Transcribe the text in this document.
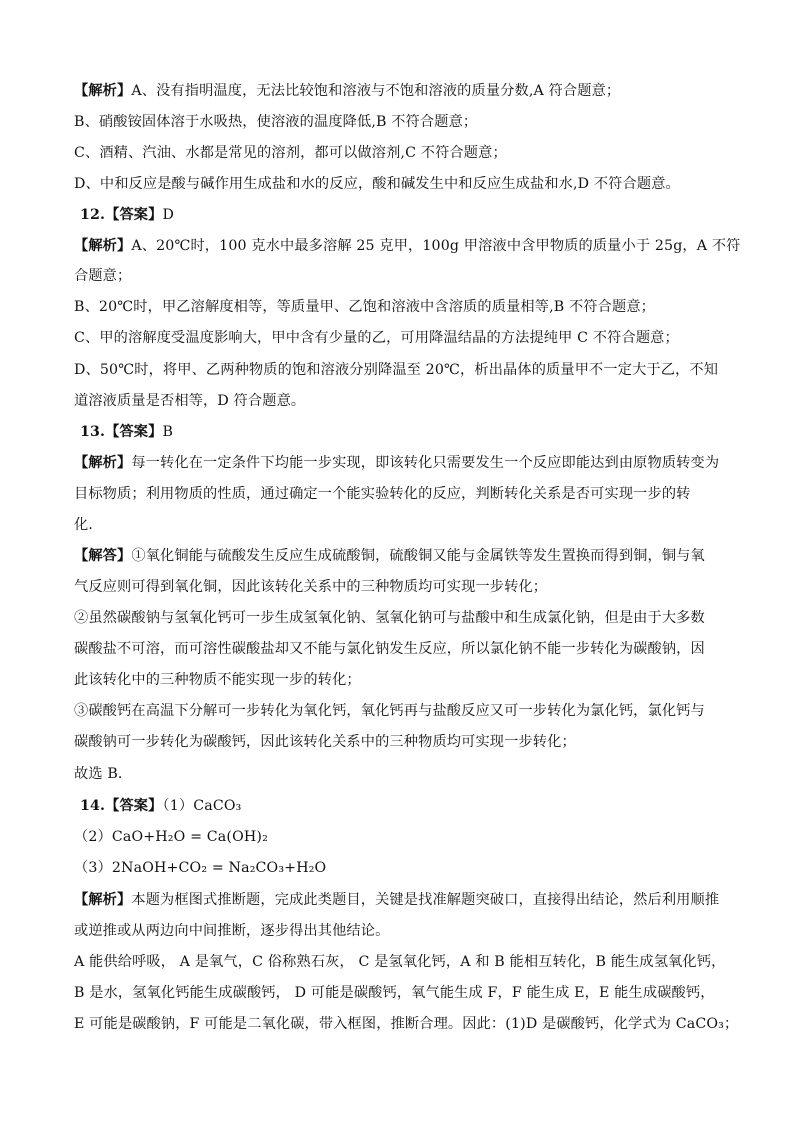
【解析】A、没有指明温度，无法比较饱和溶液与不饱和溶液的质量分数,A 符合题意；
B、硝酸铵固体溶于水吸热，使溶液的温度降低,B 不符合题意；
C、酒精、汽油、水都是常见的溶剂，都可以做溶剂,C 不符合题意；
D、中和反应是酸与碱作用生成盐和水的反应，酸和碱发生中和反应生成盐和水,D 不符合题意。
12.【答案】D
【解析】A、20℃时，100 克水中最多溶解 25 克甲，100g 甲溶液中含甲物质的质量小于 25g，A 不符
合题意；
B、20℃时，甲乙溶解度相等，等质量甲、乙饱和溶液中含溶质的质量相等,B 不符合题意；
C、甲的溶解度受温度影响大，甲中含有少量的乙，可用降温结晶的方法提纯甲 C 不符合题意；
D、50℃时，将甲、乙两种物质的饱和溶液分别降温至 20℃，析出晶体的质量甲不一定大于乙，不知
道溶液质量是否相等，D 符合题意。
13.【答案】B
【解析】每一转化在一定条件下均能一步实现，即该转化只需要发生一个反应即能达到由原物质转变为
目标物质；利用物质的性质，通过确定一个能实验转化的反应，判断转化关系是否可实现一步的转
化．
【解答】①氧化铜能与硫酸发生反应生成硫酸铜，硫酸铜又能与金属铁等发生置换而得到铜，铜与氧
气反应则可得到氧化铜，因此该转化关系中的三种物质均可实现一步转化；
②虽然碳酸钠与氢氧化钙可一步生成氢氧化钠、氢氧化钠可与盐酸中和生成氯化钠，但是由于大多数
碳酸盐不可溶，而可溶性碳酸盐却又不能与氯化钠发生反应，所以氯化钠不能一步转化为碳酸钠，因
此该转化中的三种物质不能实现一步的转化；
③碳酸钙在高温下分解可一步转化为氧化钙，氧化钙再与盐酸反应又可一步转化为氯化钙，氯化钙与
碳酸钠可一步转化为碳酸钙，因此该转化关系中的三种物质均可实现一步转化；
故选 B．
14.【答案】（1）CaCO₃
（2）CaO+H₂O = Ca(OH)₂
（3）2NaOH+CO₂ = Na₂CO₃+H₂O
【解析】本题为框图式推断题，完成此类题目，关键是找准解题突破口，直接得出结论，然后利用顺推
或逆推或从两边向中间推断，逐步得出其他结论。
A 能供给呼吸， A 是氧气，C 俗称熟石灰， C 是氢氧化钙，A 和 B 能相互转化，B 能生成氢氧化钙，
B 是水，氢氧化钙能生成碳酸钙， D 可能是碳酸钙，氧气能生成 F，F 能生成 E，E 能生成碳酸钙，
E 可能是碳酸钠，F 可能是二氧化碳，带入框图，推断合理。因此：(1)D 是碳酸钙，化学式为 CaCO₃；
